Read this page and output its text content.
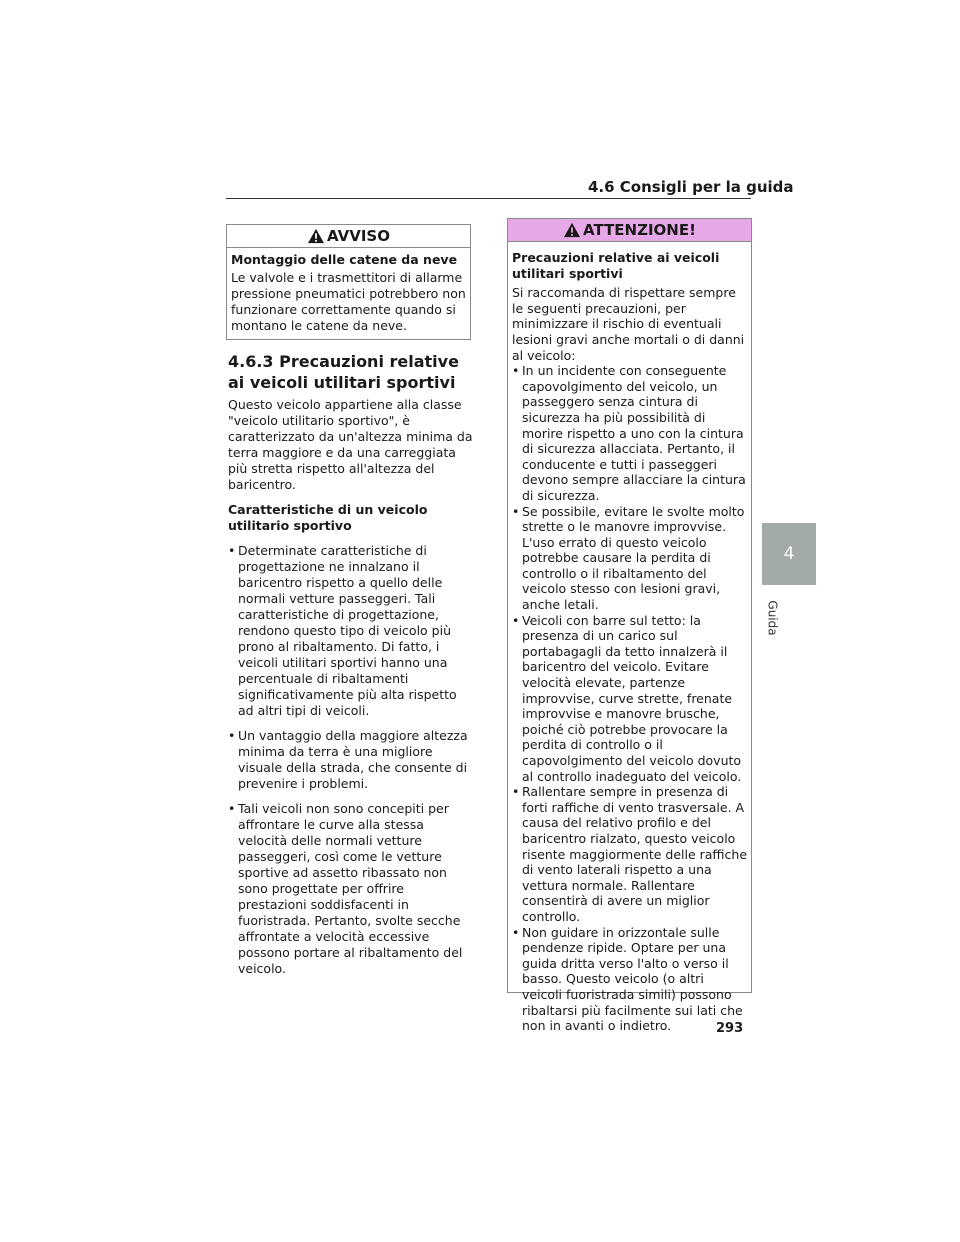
4.6 Consigli per la guida
AVVISO
Montaggio delle catene da neve

Le valvole e i trasmettitori di allarme pressione pneumatici potrebbero non funzionare correttamente quando si montano le catene da neve.

4.6.3 Precauzioni relative ai veicoli utilitari sportivi

Questo veicolo appartiene alla classe "veicolo utilitario sportivo", è caratterizzato da un'altezza minima da terra maggiore e da una carreggiata più stretta rispetto all'altezza del baricentro.

Caratteristiche di un veicolo utilitario sportivo

• Determinate caratteristiche di progettazione ne innalzano il baricentro rispetto a quello delle normali vetture passeggeri. Tali caratteristiche di progettazione, rendono questo tipo di veicolo più prono al ribaltamento. Di fatto, i veicoli utilitari sportivi hanno una percentuale di ribaltamenti significativamente più alta rispetto ad altri tipi di veicoli.
• Un vantaggio della maggiore altezza minima da terra è una migliore visuale della strada, che consente di prevenire i problemi.
• Tali veicoli non sono concepiti per affrontare le curve alla stessa velocità delle normali vetture passeggeri, così come le vetture sportive ad assetto ribassato non sono progettate per offrire prestazioni soddisfacenti in fuoristrada. Pertanto, svolte secche affrontate a velocità eccessive possono portare al ribaltamento del veicolo.
ATTENZIONE!
Precauzioni relative ai veicoli utilitari sportivi

Si raccomanda di rispettare sempre le seguenti precauzioni, per minimizzare il rischio di eventuali lesioni gravi anche mortali o di danni al veicolo:

• In un incidente con conseguente capovolgimento del veicolo, un passeggero senza cintura di sicurezza ha più possibilità di morire rispetto a uno con la cintura di sicurezza allacciata. Pertanto, il conducente e tutti i passeggeri devono sempre allacciare la cintura di sicurezza.
• Se possibile, evitare le svolte molto strette o le manovre improvvise. L'uso errato di questo veicolo potrebbe causare la perdita di controllo o il ribaltamento del veicolo stesso con lesioni gravi, anche letali.
• Veicoli con barre sul tetto: la presenza di un carico sul portabagagli da tetto innalzerà il baricentro del veicolo. Evitare velocità elevate, partenze improvvise, curve strette, frenate improvvise e manovre brusche, poiché ciò potrebbe provocare la perdita di controllo o il capovolgimento del veicolo dovuto al controllo inadeguato del veicolo.
• Rallentare sempre in presenza di forti raffiche di vento trasversale. A causa del relativo profilo e del baricentro rialzato, questo veicolo risente maggiormente delle raffiche di vento laterali rispetto a una vettura normale. Rallentare consentirà di avere un miglior controllo.
• Non guidare in orizzontale sulle pendenze ripide. Optare per una guida dritta verso l'alto o verso il basso. Questo veicolo (o altri veicoli fuoristrada simili) possono ribaltarsi più facilmente sui lati che non in avanti o indietro.
4
Guida
293
